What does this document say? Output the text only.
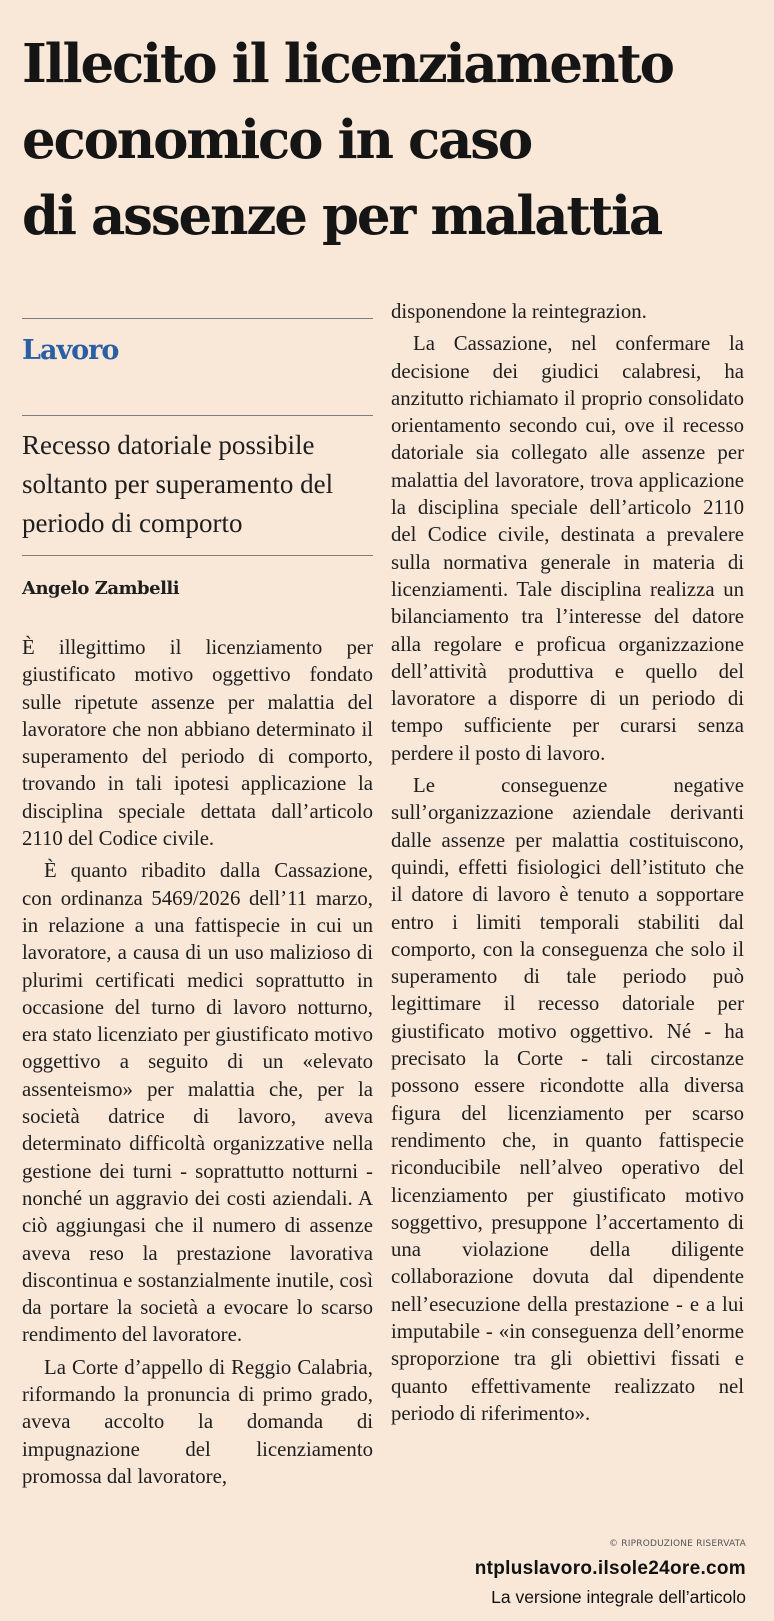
Illecito il licenziamento
economico in caso
di assenze per malattia
Lavoro
Recesso datoriale possibile soltanto per superamento del periodo di comporto
Angelo Zambelli

È illegittimo il licenziamento per giustificato motivo oggettivo fondato sulle ripetute assenze per malattia del lavoratore che non abbiano determinato il superamento del periodo di comporto, trovando in tali ipotesi applicazione la disciplina speciale dettata dall’articolo 2110 del Codice civile.

È quanto ribadito dalla Cassazione, con ordinanza 5469/2026 dell’11 marzo, in relazione a una fattispecie in cui un lavoratore, a causa di un uso malizioso di plurimi certificati medici soprattutto in occasione del turno di lavoro notturno, era stato licenziato per giustificato motivo oggettivo a seguito di un «elevato assenteismo» per malattia che, per la società datrice di lavoro, aveva determinato difficoltà organizzative nella gestione dei turni - soprattutto notturni - nonché un aggravio dei costi aziendali. A ciò aggiungasi che il numero di assenze aveva reso la prestazione lavorativa discontinua e sostanzialmente inutile, così da portare la società a evocare lo scarso rendimento del lavoratore.

La Corte d’appello di Reggio Calabria, riformando la pronuncia di primo grado, aveva accolto la domanda di impugnazione del licenziamento promossa dal lavoratore,

disponendone la reintegrazion.

La Cassazione, nel confermare la decisione dei giudici calabresi, ha anzitutto richiamato il proprio consolidato orientamento secondo cui, ove il recesso datoriale sia collegato alle assenze per malattia del lavoratore, trova applicazione la disciplina speciale dell’articolo 2110 del Codice civile, destinata a prevalere sulla normativa generale in materia di licenziamenti. Tale disciplina realizza un bilanciamento tra l’interesse del datore alla regolare e proficua organizzazione dell’attività produttiva e quello del lavoratore a disporre di un periodo di tempo sufficiente per curarsi senza perdere il posto di lavoro.

Le conseguenze negative sull’organizzazione aziendale derivanti dalle assenze per malattia costituiscono, quindi, effetti fisiologici dell’istituto che il datore di lavoro è tenuto a sopportare entro i limiti temporali stabiliti dal comporto, con la conseguenza che solo il superamento di tale periodo può legittimare il recesso datoriale per giustificato motivo oggettivo. Né - ha precisato la Corte - tali circostanze possono essere ricondotte alla diversa figura del licenziamento per scarso rendimento che, in quanto fattispecie riconducibile nell’alveo operativo del licenziamento per giustificato motivo soggettivo, presuppone l’accertamento di una violazione della diligente collaborazione dovuta dal dipendente nell’esecuzione della prestazione - e a lui imputabile - «in conseguenza dell’enorme sproporzione tra gli obiettivi fissati e quanto effettivamente realizzato nel periodo di riferimento».

© RIPRODUZIONE RISERVATA
ntpluslavoro.ilsole24ore.com
La versione integrale dell’articolo
